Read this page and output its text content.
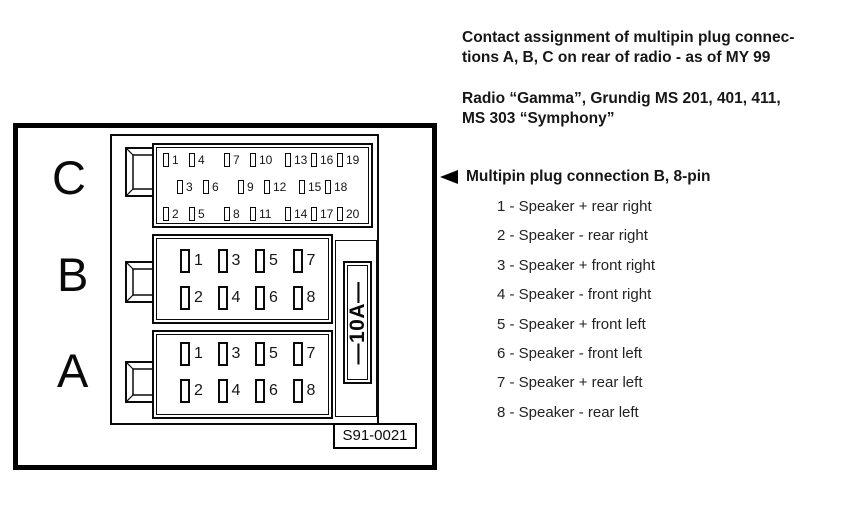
C
B
A
1 4 7 10 13 16 19
3 6 9 12 15 18
2 5 8 11 14 17 20
1 3 5 7
2 4 6 8
1 3 5 7
2 4 6 8
—10A—
S91-0021
Contact assignment of multipin plug connec-
tions A, B, C on rear of radio - as of MY 99
Radio “Gamma”, Grundig MS 201, 401, 411,
MS 303 “Symphony”
Multipin plug connection B, 8-pin
1 - Speaker + rear right
2 - Speaker - rear right
3 - Speaker + front right
4 - Speaker - front right
5 - Speaker + front left
6 - Speaker - front left
7 - Speaker + rear left
8 - Speaker - rear left
